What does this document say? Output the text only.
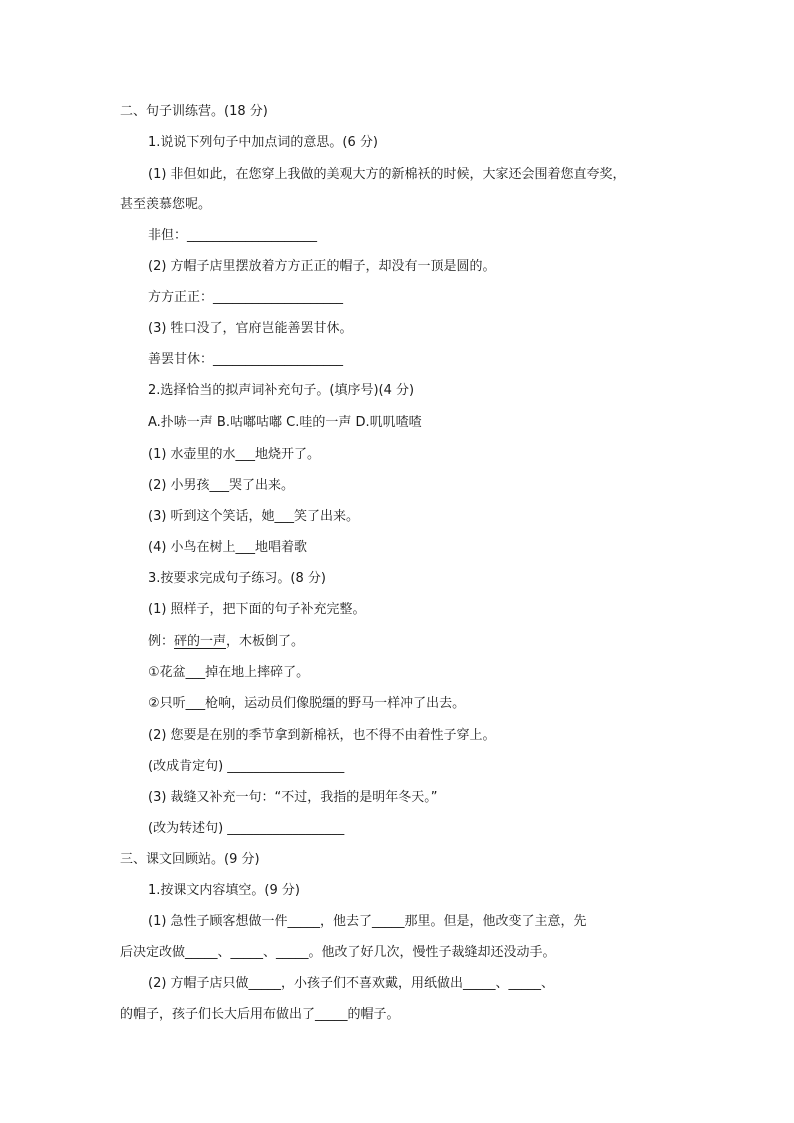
二、句子训练营。(18 分)
1.说说下列句子中加点词的意思。(6 分)
(1) 非但如此，在您穿上我做的美观大方的新棉袄的时候，大家还会围着您直夸奖，
甚至羡慕您呢。
非但：____________________
(2) 方帽子店里摆放着方方正正的帽子，却没有一顶是圆的。
方方正正：____________________
(3) 牲口没了，官府岂能善罢甘休。
善罢甘休：____________________
2.选择恰当的拟声词补充句子。(填序号)(4 分)
A.扑哧一声 B.咕嘟咕嘟 C.哇的一声 D.叽叽喳喳
(1) 水壶里的水___地烧开了。
(2) 小男孩___哭了出来。
(3) 听到这个笑话，她___笑了出来。
(4) 小鸟在树上___地唱着歌
3.按要求完成句子练习。(8 分)
(1) 照样子，把下面的句子补充完整。
例：砰的一声，木板倒了。
①花盆___掉在地上摔碎了。
②只听___枪响，运动员们像脱缰的野马一样冲了出去。
(2) 您要是在别的季节拿到新棉袄，也不得不由着性子穿上。
(改成肯定句) __________________
(3) 裁缝又补充一句：“不过，我指的是明年冬天。”
(改为转述句) __________________
三、课文回顾站。(9 分)
1.按课文内容填空。(9 分)
(1) 急性子顾客想做一件_____，他去了_____那里。但是，他改变了主意，先
后决定改做_____、_____、_____。他改了好几次，慢性子裁缝却还没动手。
(2) 方帽子店只做_____，小孩子们不喜欢戴，用纸做出_____、_____、
的帽子，孩子们长大后用布做出了_____的帽子。
